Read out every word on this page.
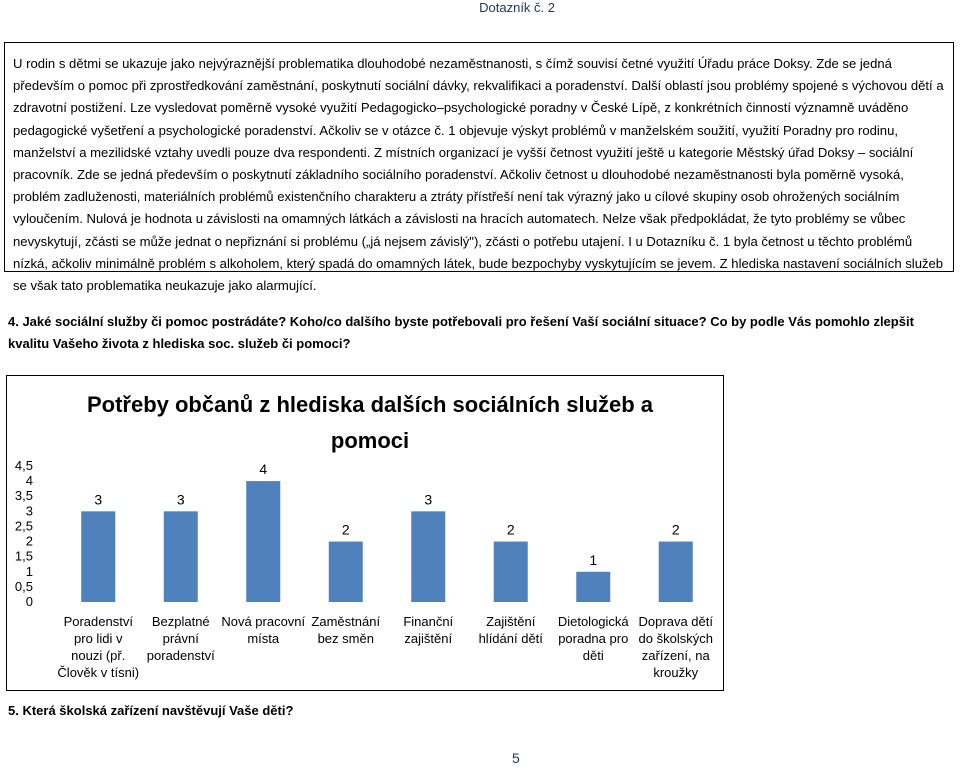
Dotazník č. 2
U rodin s dětmi se ukazuje jako nejvýraznější problematika dlouhodobé nezaměstnanosti, s čímž souvisí četné využití Úřadu práce Doksy. Zde se jedná především o pomoc při zprostředkování zaměstnání, poskytnutí sociální dávky, rekvalifikaci a poradenství. Další oblastí jsou problémy spojené s výchovou dětí a zdravotní postižení. Lze vysledovat poměrně vysoké využití Pedagogicko–psychologické poradny v České Lípě, z konkrétních činností významně uváděno pedagogické vyšetření a psychologické poradenství. Ačkoliv se v otázce č. 1 objevuje výskyt problémů v manželském soužití, využití Poradny pro rodinu, manželství a mezilidské vztahy uvedli pouze dva respondenti. Z místních organizací je vyšší četnost využití ještě u kategorie Městský úřad Doksy – sociální pracovník. Zde se jedná především o poskytnutí základního sociálního poradenství. Ačkoliv četnost u dlouhodobé nezaměstnanosti byla poměrně vysoká, problém zadluženosti, materiálních problémů existenčního charakteru a ztráty přístřeší není tak výrazný jako u cílové skupiny osob ohrožených sociálním vyloučením. Nulová je hodnota u závislosti na omamných látkách a závislosti na hracích automatech. Nelze však předpokládat, že tyto problémy se vůbec nevyskytují, zčásti se může jednat o nepřiznání si problému („já nejsem závislý"), zčásti o potřebu utajení. I u Dotazníku č. 1 byla četnost u těchto problémů nízká, ačkoliv minimálně problém s alkoholem, který spadá do omamných látek, bude bezpochyby vyskytujícím se jevem. Z hlediska nastavení sociálních služeb se však tato problematika neukazuje jako alarmující.
4. Jaké sociální služby či pomoc postrádáte? Koho/co dalšího byste potřebovali pro řešení Vaší sociální situace? Co by podle Vás pomohlo zlepšit kvalitu Vašeho života z hlediska soc. služeb či pomoci?
Potřeby občanů z hlediska dalších sociálních služeb a
pomoci
0
0,5
1
1,5
2
2,5
3
3,5
4
4,5
3
Poradenství
pro lidi v
nouzi (př.
Člověk v tísni)
3
Bezplatné
právní
poradenství
4
Nová pracovní
místa
2
Zaměstnání
bez směn
3
Finanční
zajištění
2
Zajištění
hlídání dětí
1
Dietologická
poradna pro
děti
2
Doprava dětí
do školských
zařízení, na
kroužky
5. Která školská zařízení navštěvují Vaše děti?
5
